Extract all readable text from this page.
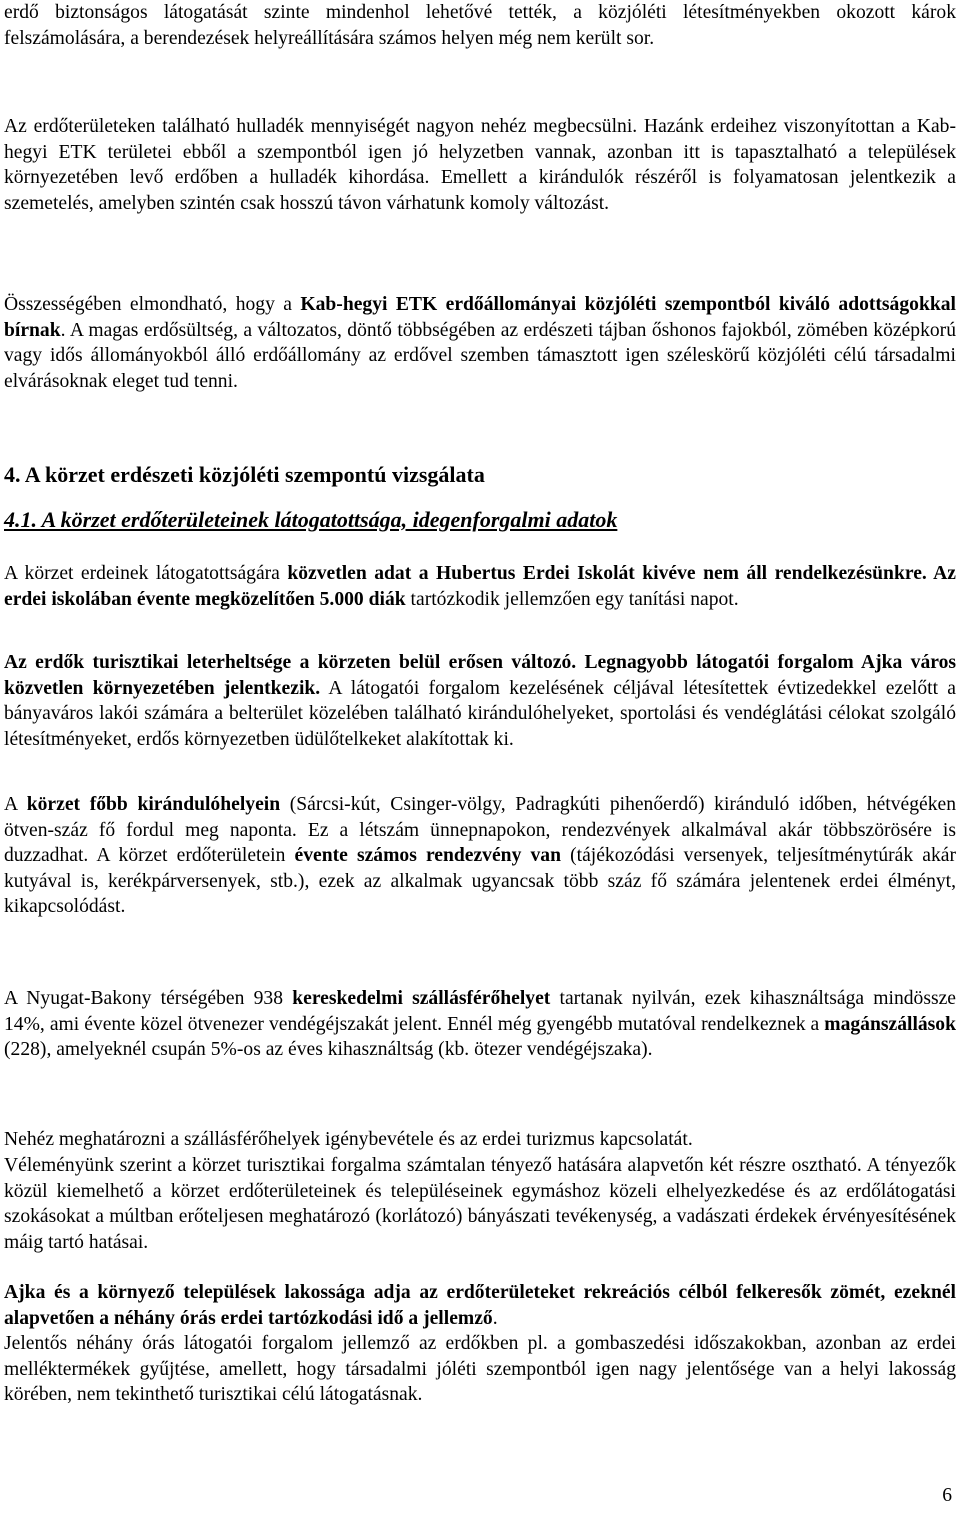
erdő biztonságos látogatását szinte mindenhol lehetővé tették, a közjóléti létesítményekben okozott károk felszámolására, a berendezések helyreállítására számos helyen még nem került sor.

Az erdőterületeken található hulladék mennyiségét nagyon nehéz megbecsülni. Hazánk erdeihez viszonyítottan a Kab-hegyi ETK területei ebből a szempontból igen jó helyzetben vannak, azonban itt is tapasztalható a települések környezetében levő erdőben a hulladék kihordása. Emellett a kirándulók részéről is folyamatosan jelentkezik a szemetelés, amelyben szintén csak hosszú távon várhatunk komoly változást.

Összességében elmondható, hogy a Kab-hegyi ETK erdőállományai közjóléti szempontból kiváló adottságokkal bírnak. A magas erdősültség, a változatos, döntő többségében az erdészeti tájban őshonos fajokból, zömében középkorú vagy idős állományokból álló erdőállomány az erdővel szemben támasztott igen széleskörű közjóléti célú társadalmi elvárásoknak eleget tud tenni.

4. A körzet erdészeti közjóléti szempontú vizsgálata
4.1. A körzet erdőterületeinek látogatottsága, idegenforgalmi adatok

A körzet erdeinek látogatottságára közvetlen adat a Hubertus Erdei Iskolát kivéve nem áll rendelkezésünkre. Az erdei iskolában évente megközelítően 5.000 diák tartózkodik jellemzően egy tanítási napot.

Az erdők turisztikai leterheltsége a körzeten belül erősen változó. Legnagyobb látogatói forgalom Ajka város közvetlen környezetében jelentkezik. A látogatói forgalom kezelésének céljával létesítettek évtizedekkel ezelőtt a bányaváros lakói számára a belterület közelében található kirándulóhelyeket, sportolási és vendéglátási célokat szolgáló létesítményeket, erdős környezetben üdülőtelkeket alakítottak ki.

A körzet főbb kirándulóhelyein (Sárcsi-kút, Csinger-völgy, Padragkúti pihenőerdő) kiránduló időben, hétvégéken ötven-száz fő fordul meg naponta. Ez a létszám ünnepnapokon, rendezvények alkalmával akár többszörösére is duzzadhat. A körzet erdőterületein évente számos rendezvény van (tájékozódási versenyek, teljesítménytúrák akár kutyával is, kerékpárversenyek, stb.), ezek az alkalmak ugyancsak több száz fő számára jelentenek erdei élményt, kikapcsolódást.

A Nyugat-Bakony térségében 938 kereskedelmi szállásférőhelyet tartanak nyilván, ezek kihasználtsága mindössze 14%, ami évente közel ötvenezer vendégéjszakát jelent. Ennél még gyengébb mutatóval rendelkeznek a magánszállások (228), amelyeknél csupán 5%-os az éves kihasználtság (kb. ötezer vendégéjszaka).

Nehéz meghatározni a szállásférőhelyek igénybevétele és az erdei turizmus kapcsolatát.

Véleményünk szerint a körzet turisztikai forgalma számtalan tényező hatására alapvetőn két részre osztható. A tényezők közül kiemelhető a körzet erdőterületeinek és településeinek egymáshoz közeli elhelyezkedése és az erdőlátogatási szokásokat a múltban erőteljesen meghatározó (korlátozó) bányászati tevékenység, a vadászati érdekek érvényesítésének máig tartó hatásai.

Ajka és a környező települések lakossága adja az erdőterületeket rekreációs célból felkeresők zömét, ezeknél alapvetően a néhány órás erdei tartózkodási idő a jellemző.

Jelentős néhány órás látogatói forgalom jellemző az erdőkben pl. a gombaszedési időszakokban, azonban az erdei melléktermékek gyűjtése, amellett, hogy társadalmi jóléti szempontból igen nagy jelentősége van a helyi lakosság körében, nem tekinthető turisztikai célú látogatásnak.

6
